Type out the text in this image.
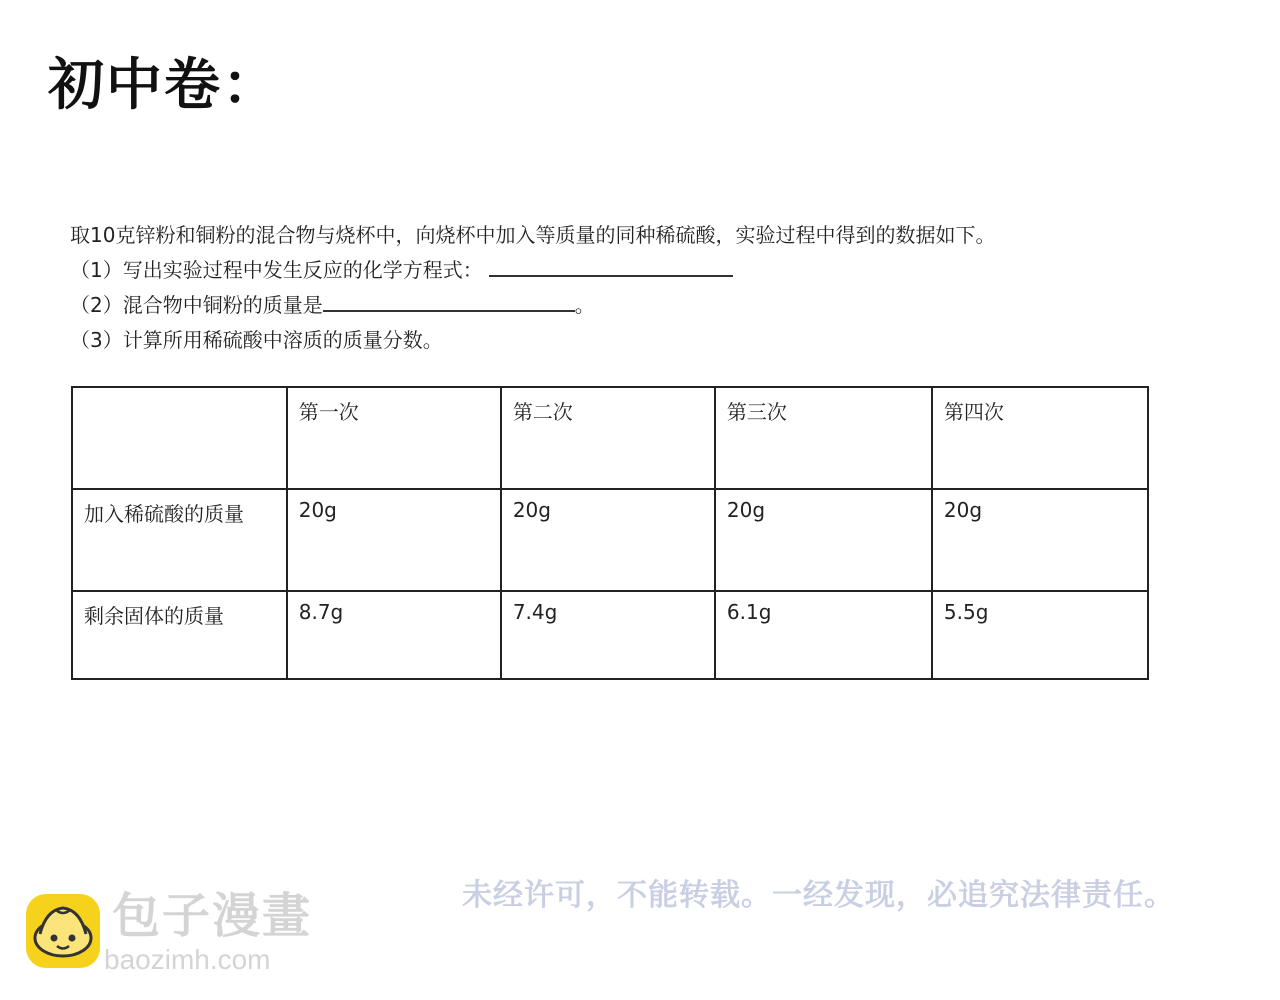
初中卷：
取10克锌粉和铜粉的混合物与烧杯中，向烧杯中加入等质量的同种稀硫酸，实验过程中得到的数据如下。
（1）写出实验过程中发生反应的化学方程式：
（2）混合物中铜粉的质量是	。
（3）计算所用稀硫酸中溶质的质量分数。
	第一次	第二次	第三次	第四次
加入稀硫酸的质量	20g	20g	20g	20g
剩余固体的质量	8.7g	7.4g	6.1g	5.5g
未经许可，不能转载。一经发现，必追究法律责任。
包子漫畫
baozimh.com
